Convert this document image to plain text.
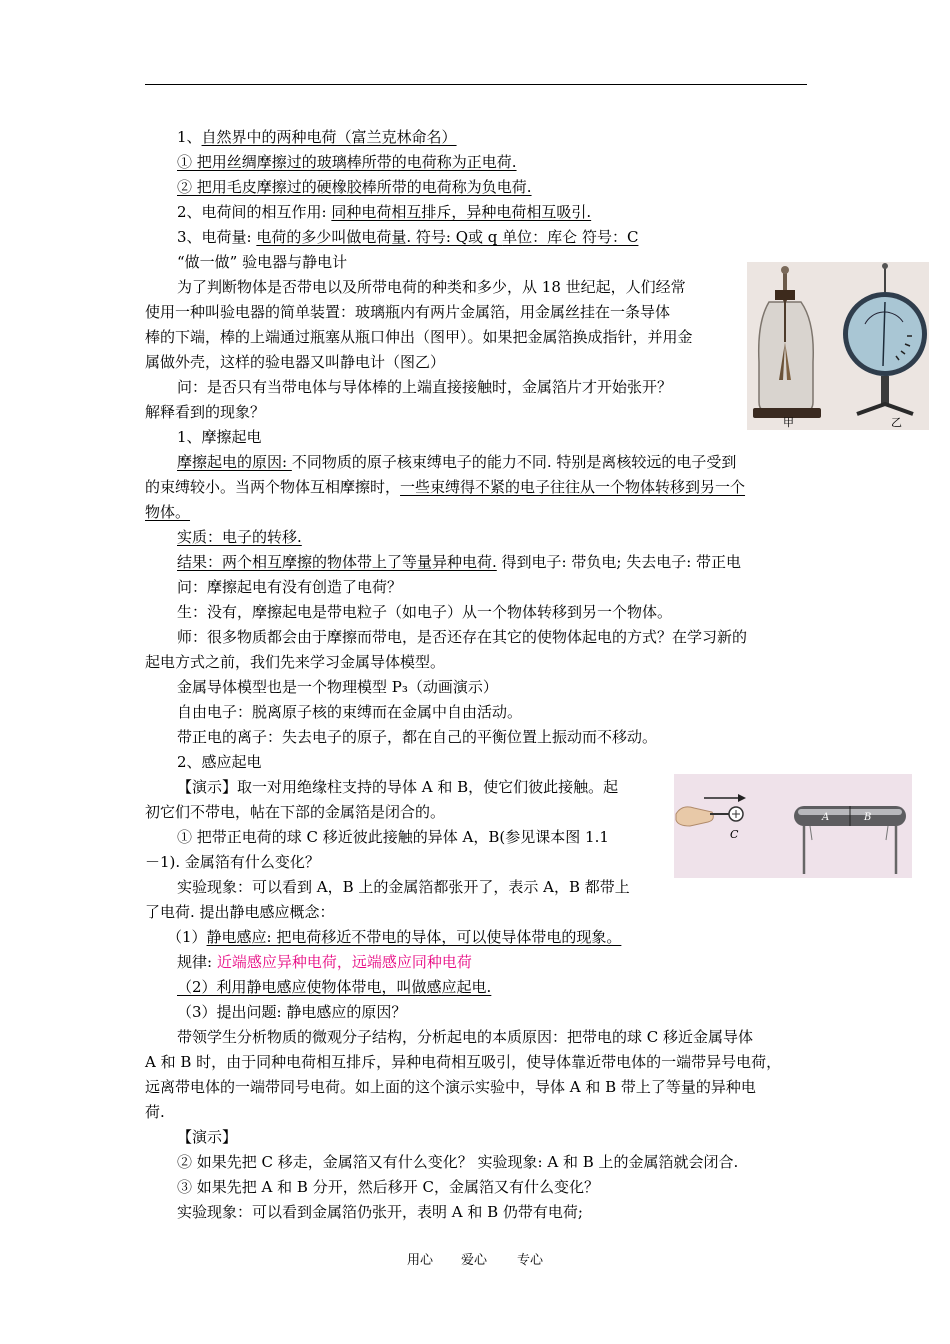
1、自然界中的两种电荷（富兰克林命名）
① 把用丝绸摩擦过的玻璃棒所带的电荷称为正电荷.
② 把用毛皮摩擦过的硬橡胶棒所带的电荷称为负电荷.
2、电荷间的相互作用: 同种电荷相互排斥，异种电荷相互吸引.
3、电荷量: 电荷的多少叫做电荷量. 符号: Q或 q 单位：库仑 符号：C
“做一做” 验电器与静电计
为了判断物体是否带电以及所带电荷的种类和多少，从 18 世纪起，人们经常
使用一种叫验电器的简单装置：玻璃瓶内有两片金属箔，用金属丝挂在一条导体
棒的下端，棒的上端通过瓶塞从瓶口伸出（图甲）。如果把金属箔换成指针，并用金
属做外壳，这样的验电器又叫静电计（图乙）
问：是否只有当带电体与导体棒的上端直接接触时，金属箔片才开始张开？
解释看到的现象？
1、摩擦起电
摩擦起电的原因: 不同物质的原子核束缚电子的能力不同. 特别是离核较远的电子受到
的束缚较小。当两个物体互相摩擦时，一些束缚得不紧的电子往往从一个物体转移到另一个
物体。
实质：电子的转移.
结果：两个相互摩擦的物体带上了等量异种电荷. 得到电子: 带负电; 失去电子: 带正电
问：摩擦起电有没有创造了电荷？
生：没有，摩擦起电是带电粒子（如电子）从一个物体转移到另一个物体。
师：很多物质都会由于摩擦而带电，是否还存在其它的使物体起电的方式？在学习新的
起电方式之前，我们先来学习金属导体模型。
金属导体模型也是一个物理模型 P₃（动画演示）
自由电子：脱离原子核的束缚而在金属中自由活动。
带正电的离子：失去电子的原子，都在自己的平衡位置上振动而不移动。
2、感应起电
【演示】取一对用绝缘柱支持的导体 A 和 B，使它们彼此接触。起
初它们不带电，帖在下部的金属箔是闭合的。
① 把带正电荷的球 C 移近彼此接触的异体 A，B(参见课本图 1.1
－1). 金属箔有什么变化？
实验现象：可以看到 A，B 上的金属箔都张开了，表示 A，B 都带上
了电荷. 提出静电感应概念：
（1）静电感应: 把电荷移近不带电的导体，可以使导体带电的现象。
规律: 近端感应异种电荷，远端感应同种电荷
（2）利用静电感应使物体带电，叫做感应起电.
（3）提出问题: 静电感应的原因？
带领学生分析物质的微观分子结构，分析起电的本质原因：把带电的球 C 移近金属导体
A 和 B 时，由于同种电荷相互排斥，异种电荷相互吸引，使导体靠近带电体的一端带异号电荷，
远离带电体的一端带同号电荷。如上面的这个演示实验中，导体 A 和 B 带上了等量的异种电
荷.
【演示】
② 如果先把 C 移走，金属箔又有什么变化？ 实验现象: A 和 B 上的金属箔就会闭合.
③ 如果先把 A 和 B 分开，然后移开 C，金属箔又有什么变化？
实验现象：可以看到金属箔仍张开，表明 A 和 B 仍带有电荷;
甲	乙
C
A	B
用心 爱心 专心
